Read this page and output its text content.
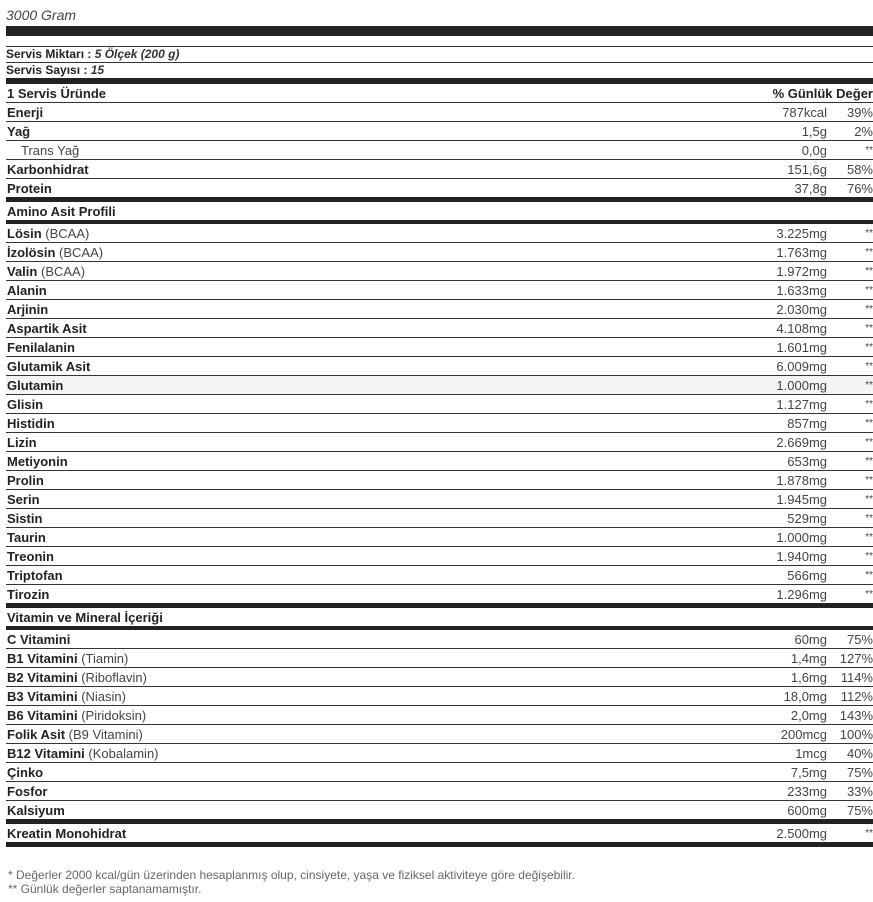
3000 Gram
Servis Miktarı : 5 Ölçek (200 g)
Servis Sayısı : 15
1 Servis Üründe	% Günlük Değer
Enerji	787kcal 39%
Yağ	1,5g 2%
Trans Yağ	0,0g	**
Karbonhidrat	151,6g 58%
Protein	37,8g 76%
Amino Asit Profili
Lösin (BCAA)	3.225mg	**
İzolösin (BCAA)	1.763mg	**
Valin (BCAA)	1.972mg	**
Alanin	1.633mg	**
Arjinin	2.030mg	**
Aspartik Asit	4.108mg	**
Fenilalanin	1.601mg	**
Glutamik Asit	6.009mg	**
Glutamin	1.000mg	**
Glisin	1.127mg	**
Histidin	857mg	**
Lizin	2.669mg	**
Metiyonin	653mg	**
Prolin	1.878mg	**
Serin	1.945mg	**
Sistin	529mg	**
Taurin	1.000mg	**
Treonin	1.940mg	**
Triptofan	566mg	**
Tirozin	1.296mg	**
Vitamin ve Mineral İçeriği
C Vitamini	60mg 75%
B1 Vitamini (Tiamin)	1,4mg 127%
B2 Vitamini (Riboflavin)	1,6mg 114%
B3 Vitamini (Niasin)	18,0mg 112%
B6 Vitamini (Piridoksin)	2,0mg 143%
Folik Asit (B9 Vitamini)	200mcg 100%
B12 Vitamini (Kobalamin)	1mcg 40%
Çinko	7,5mg 75%
Fosfor	233mg 33%
Kalsiyum	600mg 75%
Kreatin Monohidrat	2.500mg	**
* Değerler 2000 kcal/gün üzerinden hesaplanmış olup, cinsiyete, yaşa ve fiziksel aktiviteye göre değişebilir.
** Günlük değerler saptanamamıştır.
